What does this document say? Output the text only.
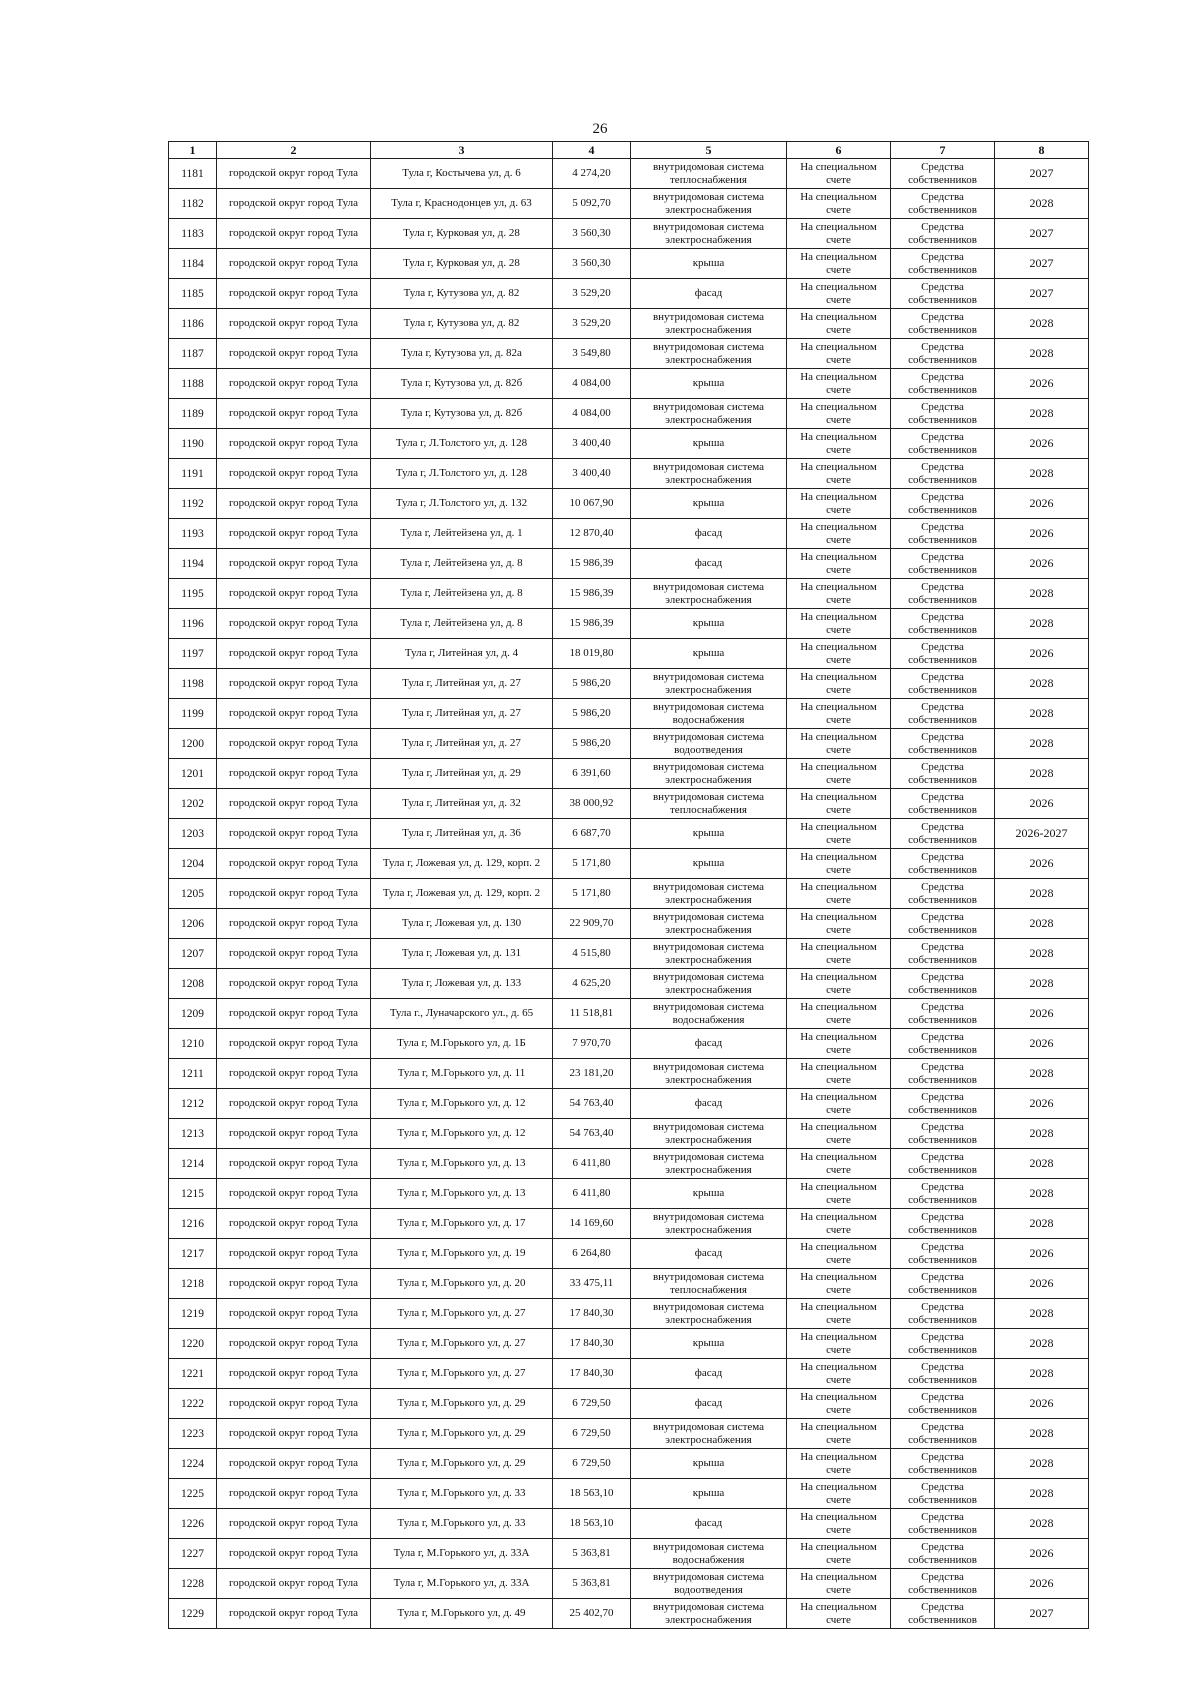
26
1	2	3	4	5	6	7	8

1181	городской округ город Тула	Тула г, Костычева ул, д. 6	4 274,20	внутридомовая система теплоснабжения	На специальном счете	Средства собственников	2027

1182	городской округ город Тула	Тула г, Краснодонцев ул, д. 63	5 092,70	внутридомовая система электроснабжения	На специальном счете	Средства собственников	2028

1183	городской округ город Тула	Тула г, Курковая ул, д. 28	3 560,30	внутридомовая система электроснабжения	На специальном счете	Средства собственников	2027

1184	городской округ город Тула	Тула г, Курковая ул, д. 28	3 560,30	крыша	На специальном счете	Средства собственников	2027

1185	городской округ город Тула	Тула г, Кутузова ул, д. 82	3 529,20	фасад	На специальном счете	Средства собственников	2027

1186	городской округ город Тула	Тула г, Кутузова ул, д. 82	3 529,20	внутридомовая система электроснабжения	На специальном счете	Средства собственников	2028

1187	городской округ город Тула	Тула г, Кутузова ул, д. 82а	3 549,80	внутридомовая система электроснабжения	На специальном счете	Средства собственников	2028

1188	городской округ город Тула	Тула г, Кутузова ул, д. 82б	4 084,00	крыша	На специальном счете	Средства собственников	2026

1189	городской округ город Тула	Тула г, Кутузова ул, д. 82б	4 084,00	внутридомовая система электроснабжения	На специальном счете	Средства собственников	2028

1190	городской округ город Тула	Тула г, Л.Толстого ул, д. 128	3 400,40	крыша	На специальном счете	Средства собственников	2026

1191	городской округ город Тула	Тула г, Л.Толстого ул, д. 128	3 400,40	внутридомовая система электроснабжения	На специальном счете	Средства собственников	2028

1192	городской округ город Тула	Тула г, Л.Толстого ул, д. 132	10 067,90	крыша	На специальном счете	Средства собственников	2026

1193	городской округ город Тула	Тула г, Лейтейзена ул, д. 1	12 870,40	фасад	На специальном счете	Средства собственников	2026

1194	городской округ город Тула	Тула г, Лейтейзена ул, д. 8	15 986,39	фасад	На специальном счете	Средства собственников	2026

1195	городской округ город Тула	Тула г, Лейтейзена ул, д. 8	15 986,39	внутридомовая система электроснабжения	На специальном счете	Средства собственников	2028

1196	городской округ город Тула	Тула г, Лейтейзена ул, д. 8	15 986,39	крыша	На специальном счете	Средства собственников	2028

1197	городской округ город Тула	Тула г, Литейная ул, д. 4	18 019,80	крыша	На специальном счете	Средства собственников	2026

1198	городской округ город Тула	Тула г, Литейная ул, д. 27	5 986,20	внутридомовая система электроснабжения	На специальном счете	Средства собственников	2028

1199	городской округ город Тула	Тула г, Литейная ул, д. 27	5 986,20	внутридомовая система водоснабжения	На специальном счете	Средства собственников	2028

1200	городской округ город Тула	Тула г, Литейная ул, д. 27	5 986,20	внутридомовая система водоотведения	На специальном счете	Средства собственников	2028

1201	городской округ город Тула	Тула г, Литейная ул, д. 29	6 391,60	внутридомовая система электроснабжения	На специальном счете	Средства собственников	2028

1202	городской округ город Тула	Тула г, Литейная ул, д. 32	38 000,92	внутридомовая система теплоснабжения	На специальном счете	Средства собственников	2026

1203	городской округ город Тула	Тула г, Литейная ул, д. 36	6 687,70	крыша	На специальном счете	Средства собственников	2026-2027

1204	городской округ город Тула	Тула г, Ложевая ул, д. 129, корп. 2	5 171,80	крыша	На специальном счете	Средства собственников	2026

1205	городской округ город Тула	Тула г, Ложевая ул, д. 129, корп. 2	5 171,80	внутридомовая система электроснабжения	На специальном счете	Средства собственников	2028

1206	городской округ город Тула	Тула г, Ложевая ул, д. 130	22 909,70	внутридомовая система электроснабжения	На специальном счете	Средства собственников	2028

1207	городской округ город Тула	Тула г, Ложевая ул, д. 131	4 515,80	внутридомовая система электроснабжения	На специальном счете	Средства собственников	2028

1208	городской округ город Тула	Тула г, Ложевая ул, д. 133	4 625,20	внутридомовая система электроснабжения	На специальном счете	Средства собственников	2028

1209	городской округ город Тула	Тула г., Луначарского ул., д. 65	11 518,81	внутридомовая система водоснабжения	На специальном счете	Средства собственников	2026

1210	городской округ город Тула	Тула г, М.Горького ул, д. 1Б	7 970,70	фасад	На специальном счете	Средства собственников	2026

1211	городской округ город Тула	Тула г, М.Горького ул, д. 11	23 181,20	внутридомовая система электроснабжения	На специальном счете	Средства собственников	2028

1212	городской округ город Тула	Тула г, М.Горького ул, д. 12	54 763,40	фасад	На специальном счете	Средства собственников	2026

1213	городской округ город Тула	Тула г, М.Горького ул, д. 12	54 763,40	внутридомовая система электроснабжения	На специальном счете	Средства собственников	2028

1214	городской округ город Тула	Тула г, М.Горького ул, д. 13	6 411,80	внутридомовая система электроснабжения	На специальном счете	Средства собственников	2028

1215	городской округ город Тула	Тула г, М.Горького ул, д. 13	6 411,80	крыша	На специальном счете	Средства собственников	2028

1216	городской округ город Тула	Тула г, М.Горького ул, д. 17	14 169,60	внутридомовая система электроснабжения	На специальном счете	Средства собственников	2028

1217	городской округ город Тула	Тула г, М.Горького ул, д. 19	6 264,80	фасад	На специальном счете	Средства собственников	2026

1218	городской округ город Тула	Тула г, М.Горького ул, д. 20	33 475,11	внутридомовая система теплоснабжения	На специальном счете	Средства собственников	2026

1219	городской округ город Тула	Тула г, М.Горького ул, д. 27	17 840,30	внутридомовая система электроснабжения	На специальном счете	Средства собственников	2028

1220	городской округ город Тула	Тула г, М.Горького ул, д. 27	17 840,30	крыша	На специальном счете	Средства собственников	2028

1221	городской округ город Тула	Тула г, М.Горького ул, д. 27	17 840,30	фасад	На специальном счете	Средства собственников	2028

1222	городской округ город Тула	Тула г, М.Горького ул, д. 29	6 729,50	фасад	На специальном счете	Средства собственников	2026

1223	городской округ город Тула	Тула г, М.Горького ул, д. 29	6 729,50	внутридомовая система электроснабжения	На специальном счете	Средства собственников	2028

1224	городской округ город Тула	Тула г, М.Горького ул, д. 29	6 729,50	крыша	На специальном счете	Средства собственников	2028

1225	городской округ город Тула	Тула г, М.Горького ул, д. 33	18 563,10	крыша	На специальном счете	Средства собственников	2028

1226	городской округ город Тула	Тула г, М.Горького ул, д. 33	18 563,10	фасад	На специальном счете	Средства собственников	2028

1227	городской округ город Тула	Тула г, М.Горького ул, д. 33А	5 363,81	внутридомовая система водоснабжения	На специальном счете	Средства собственников	2026

1228	городской округ город Тула	Тула г, М.Горького ул, д. 33А	5 363,81	внутридомовая система водоотведения	На специальном счете	Средства собственников	2026

1229	городской округ город Тула	Тула г, М.Горького ул, д. 49	25 402,70	внутридомовая система электроснабжения	На специальном счете	Средства собственников	2027
